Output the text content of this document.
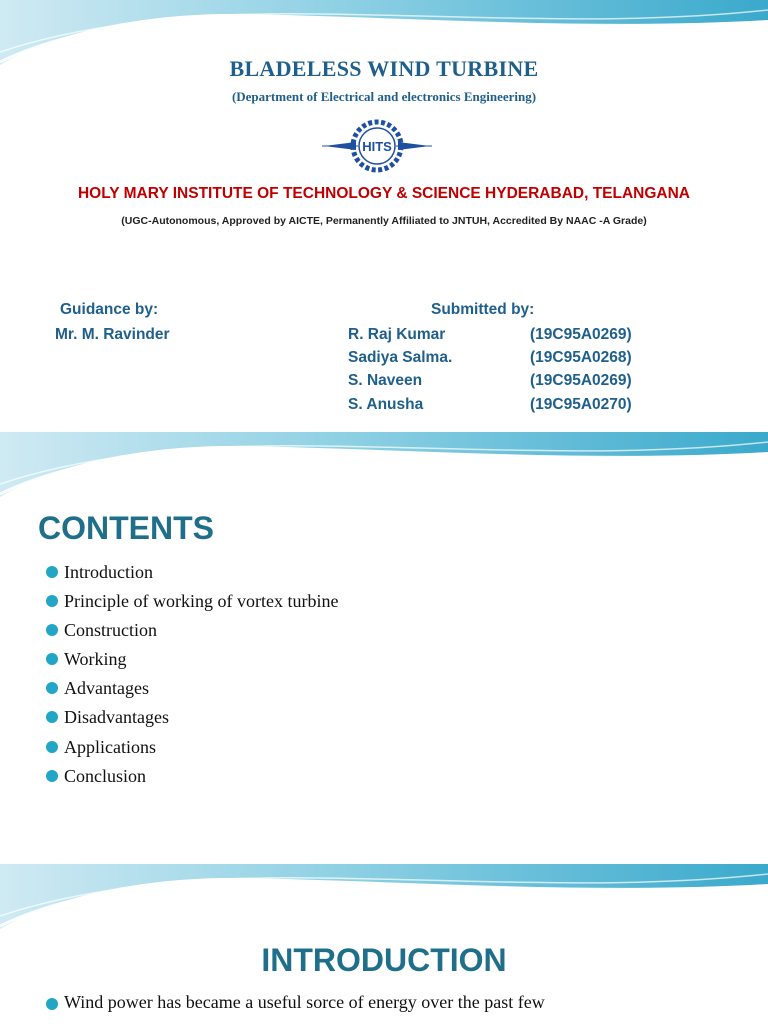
BLADELESS WIND TURBINE
(Department of Electrical and electronics Engineering)
HITS
HOLY MARY INSTITUTE OF TECHNOLOGY & SCIENCE HYDERABAD, TELANGANA
(UGC-Autonomous, Approved by AICTE, Permanently Affiliated to JNTUH, Accredited By NAAC -A Grade)
Guidance by:
Mr. M. Ravinder
Submitted by:
R. Raj Kumar	(19C95A0269)
Sadiya Salma.	(19C95A0268)
S. Naveen	(19C95A0269)
S. Anusha	(19C95A0270)
CONTENTS
Introduction
Principle of working of vortex turbine
Construction
Working
Advantages
Disadvantages
Applications
Conclusion
INTRODUCTION
Wind power has became a useful sorce of energy over the past few
